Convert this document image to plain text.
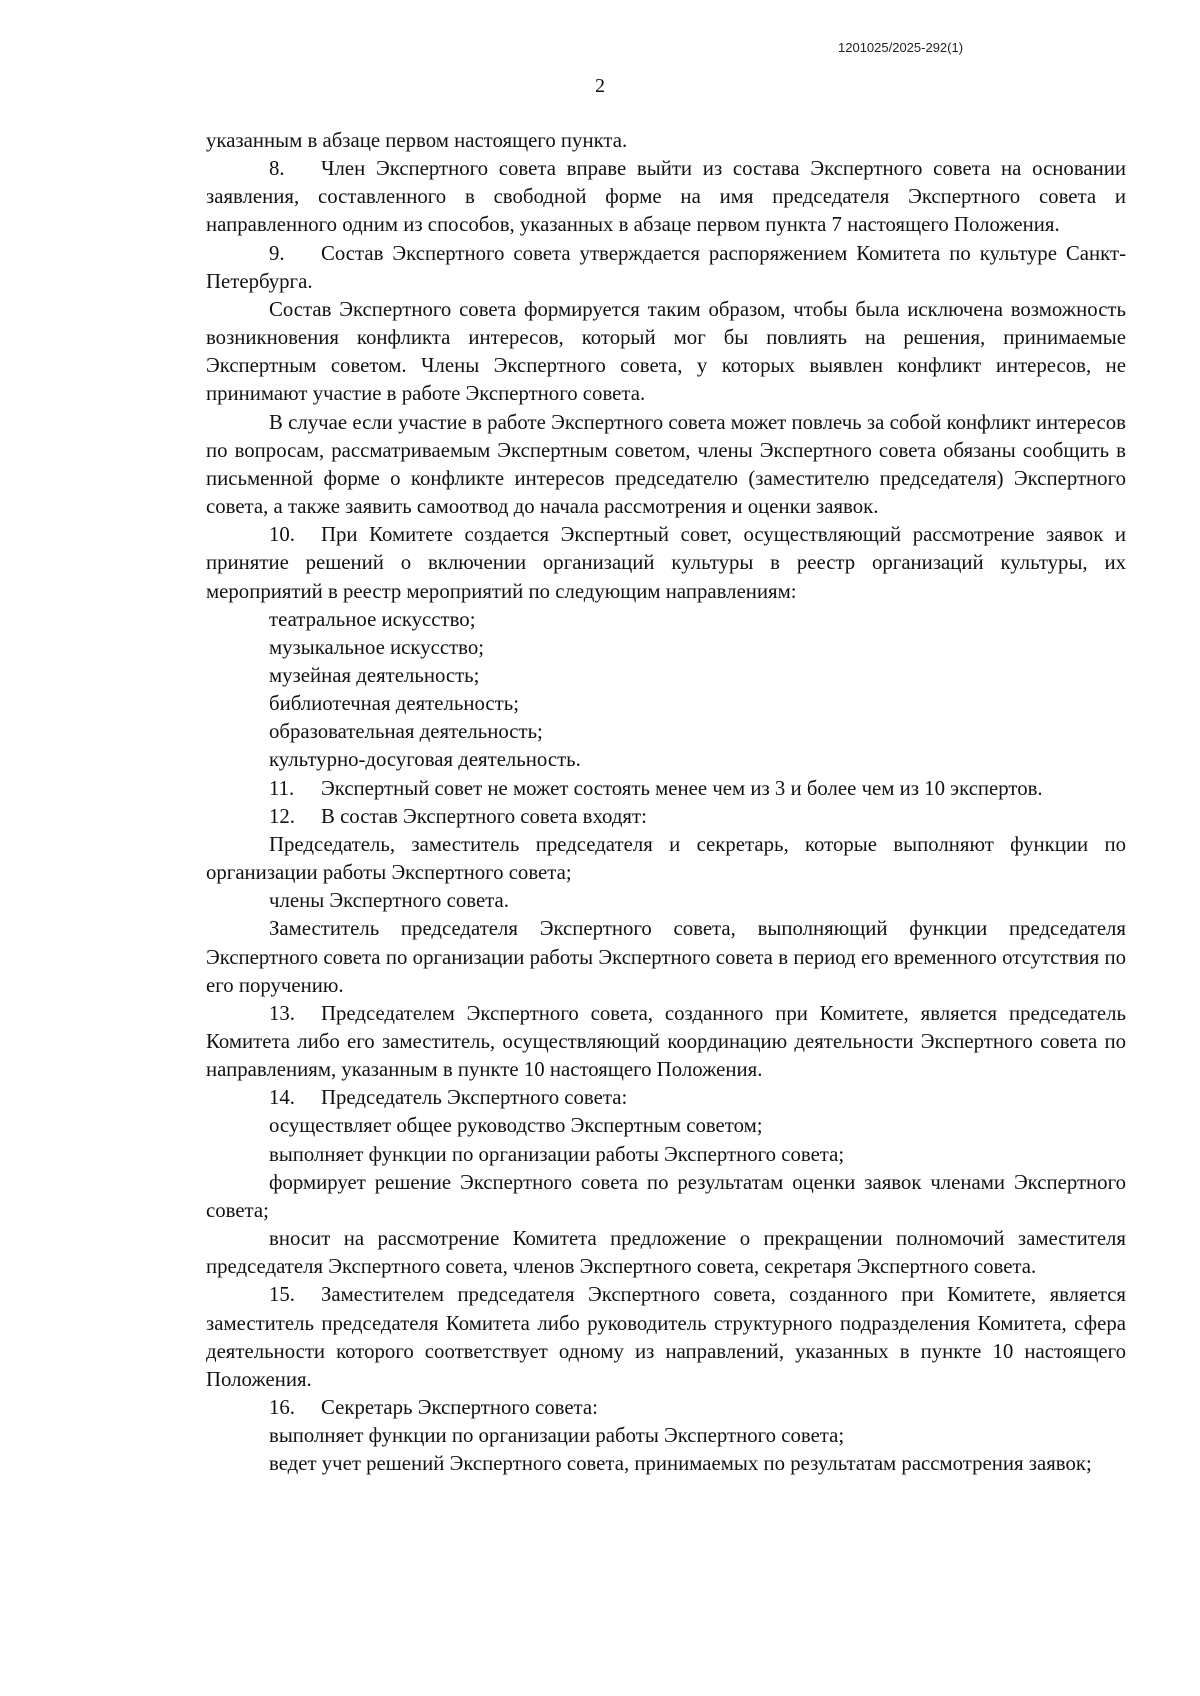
1201025/2025-292(1)
2

указанным в абзаце первом настоящего пункта.

8. Член Экспертного совета вправе выйти из состава Экспертного совета на основании заявления, составленного в свободной форме на имя председателя Экспертного совета и направленного одним из способов, указанных в абзаце первом пункта 7 настоящего Положения.

9. Состав Экспертного совета утверждается распоряжением Комитета по культуре Санкт-Петербурга.

Состав Экспертного совета формируется таким образом, чтобы была исключена возможность возникновения конфликта интересов, который мог бы повлиять на решения, принимаемые Экспертным советом. Члены Экспертного совета, у которых выявлен конфликт интересов, не принимают участие в работе Экспертного совета.

В случае если участие в работе Экспертного совета может повлечь за собой конфликт интересов по вопросам, рассматриваемым Экспертным советом, члены Экспертного совета обязаны сообщить в письменной форме о конфликте интересов председателю (заместителю председателя) Экспертного совета, а также заявить самоотвод до начала рассмотрения и оценки заявок.

10. При Комитете создается Экспертный совет, осуществляющий рассмотрение заявок и принятие решений о включении организаций культуры в реестр организаций культуры, их мероприятий в реестр мероприятий по следующим направлениям:

театральное искусство;

музыкальное искусство;

музейная деятельность;

библиотечная деятельность;

образовательная деятельность;

культурно-досуговая деятельность.

11. Экспертный совет не может состоять менее чем из 3 и более чем из 10 экспертов.

12. В состав Экспертного совета входят:

Председатель, заместитель председателя и секретарь, которые выполняют функции по организации работы Экспертного совета;

члены Экспертного совета.

Заместитель председателя Экспертного совета, выполняющий функции председателя Экспертного совета по организации работы Экспертного совета в период его временного отсутствия по его поручению.

13. Председателем Экспертного совета, созданного при Комитете, является председатель Комитета либо его заместитель, осуществляющий координацию деятельности Экспертного совета по направлениям, указанным в пункте 10 настоящего Положения.

14. Председатель Экспертного совета:

осуществляет общее руководство Экспертным советом;

выполняет функции по организации работы Экспертного совета;

формирует решение Экспертного совета по результатам оценки заявок членами Экспертного совета;

вносит на рассмотрение Комитета предложение о прекращении полномочий заместителя председателя Экспертного совета, членов Экспертного совета, секретаря Экспертного совета.

15. Заместителем председателя Экспертного совета, созданного при Комитете, является заместитель председателя Комитета либо руководитель структурного подразделения Комитета, сфера деятельности которого соответствует одному из направлений, указанных в пункте 10 настоящего Положения.

16. Секретарь Экспертного совета:

выполняет функции по организации работы Экспертного совета;

ведет учет решений Экспертного совета, принимаемых по результатам рассмотрения заявок;
